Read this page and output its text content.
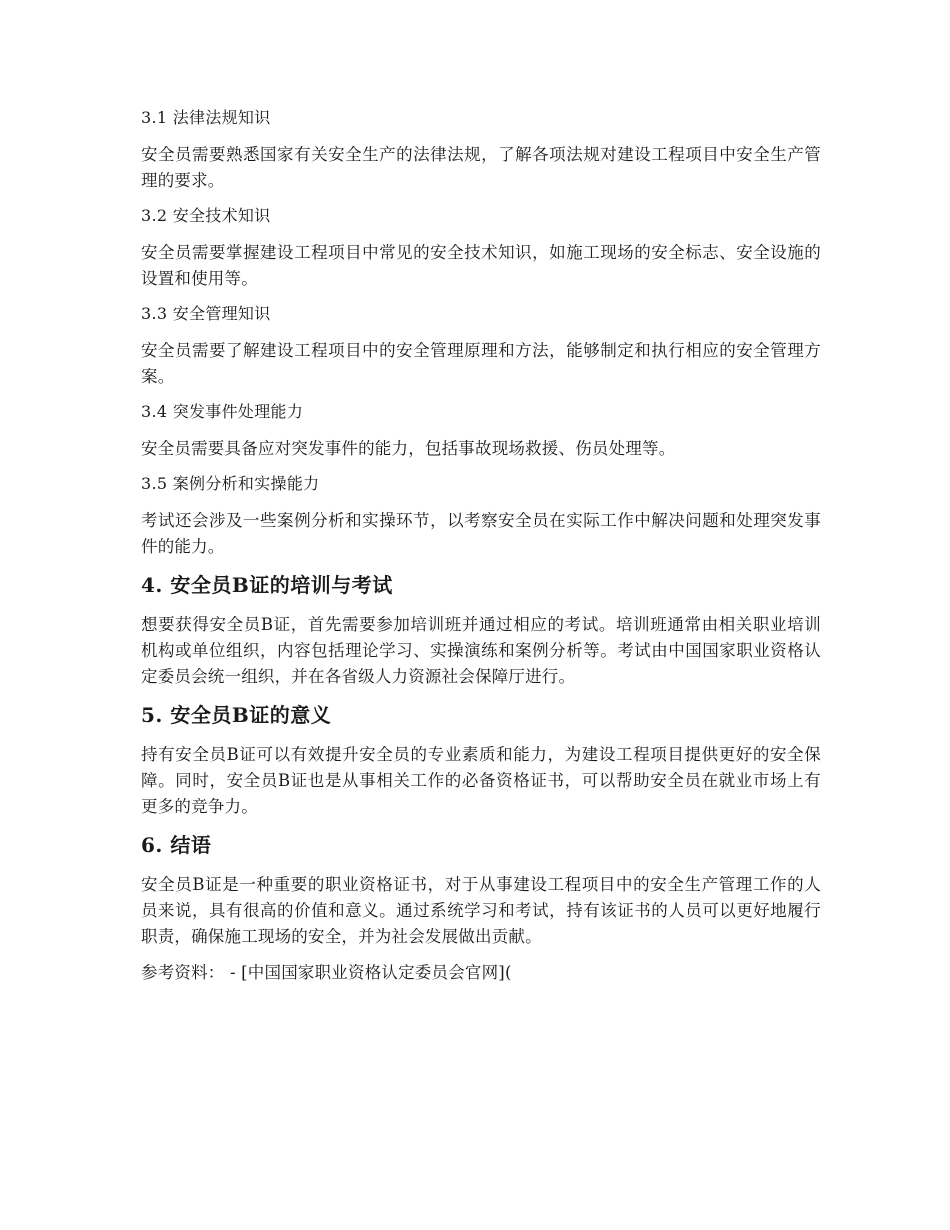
3.1 法律法规知识

安全员需要熟悉国家有关安全生产的法律法规，了解各项法规对建设工程项目中安全生产管理的要求。

3.2 安全技术知识

安全员需要掌握建设工程项目中常见的安全技术知识，如施工现场的安全标志、安全设施的设置和使用等。

3.3 安全管理知识

安全员需要了解建设工程项目中的安全管理原理和方法，能够制定和执行相应的安全管理方案。

3.4 突发事件处理能力

安全员需要具备应对突发事件的能力，包括事故现场救援、伤员处理等。

3.5 案例分析和实操能力

考试还会涉及一些案例分析和实操环节，以考察安全员在实际工作中解决问题和处理突发事件的能力。

4. 安全员B证的培训与考试

想要获得安全员B证，首先需要参加培训班并通过相应的考试。培训班通常由相关职业培训机构或单位组织，内容包括理论学习、实操演练和案例分析等。考试由中国国家职业资格认定委员会统一组织，并在各省级人力资源社会保障厅进行。

5. 安全员B证的意义

持有安全员B证可以有效提升安全员的专业素质和能力，为建设工程项目提供更好的安全保障。同时，安全员B证也是从事相关工作的必备资格证书，可以帮助安全员在就业市场上有更多的竞争力。

6. 结语

安全员B证是一种重要的职业资格证书，对于从事建设工程项目中的安全生产管理工作的人员来说，具有很高的价值和意义。通过系统学习和考试，持有该证书的人员可以更好地履行职责，确保施工现场的安全，并为社会发展做出贡献。

参考资料： - [中国国家职业资格认定委员会官网](
